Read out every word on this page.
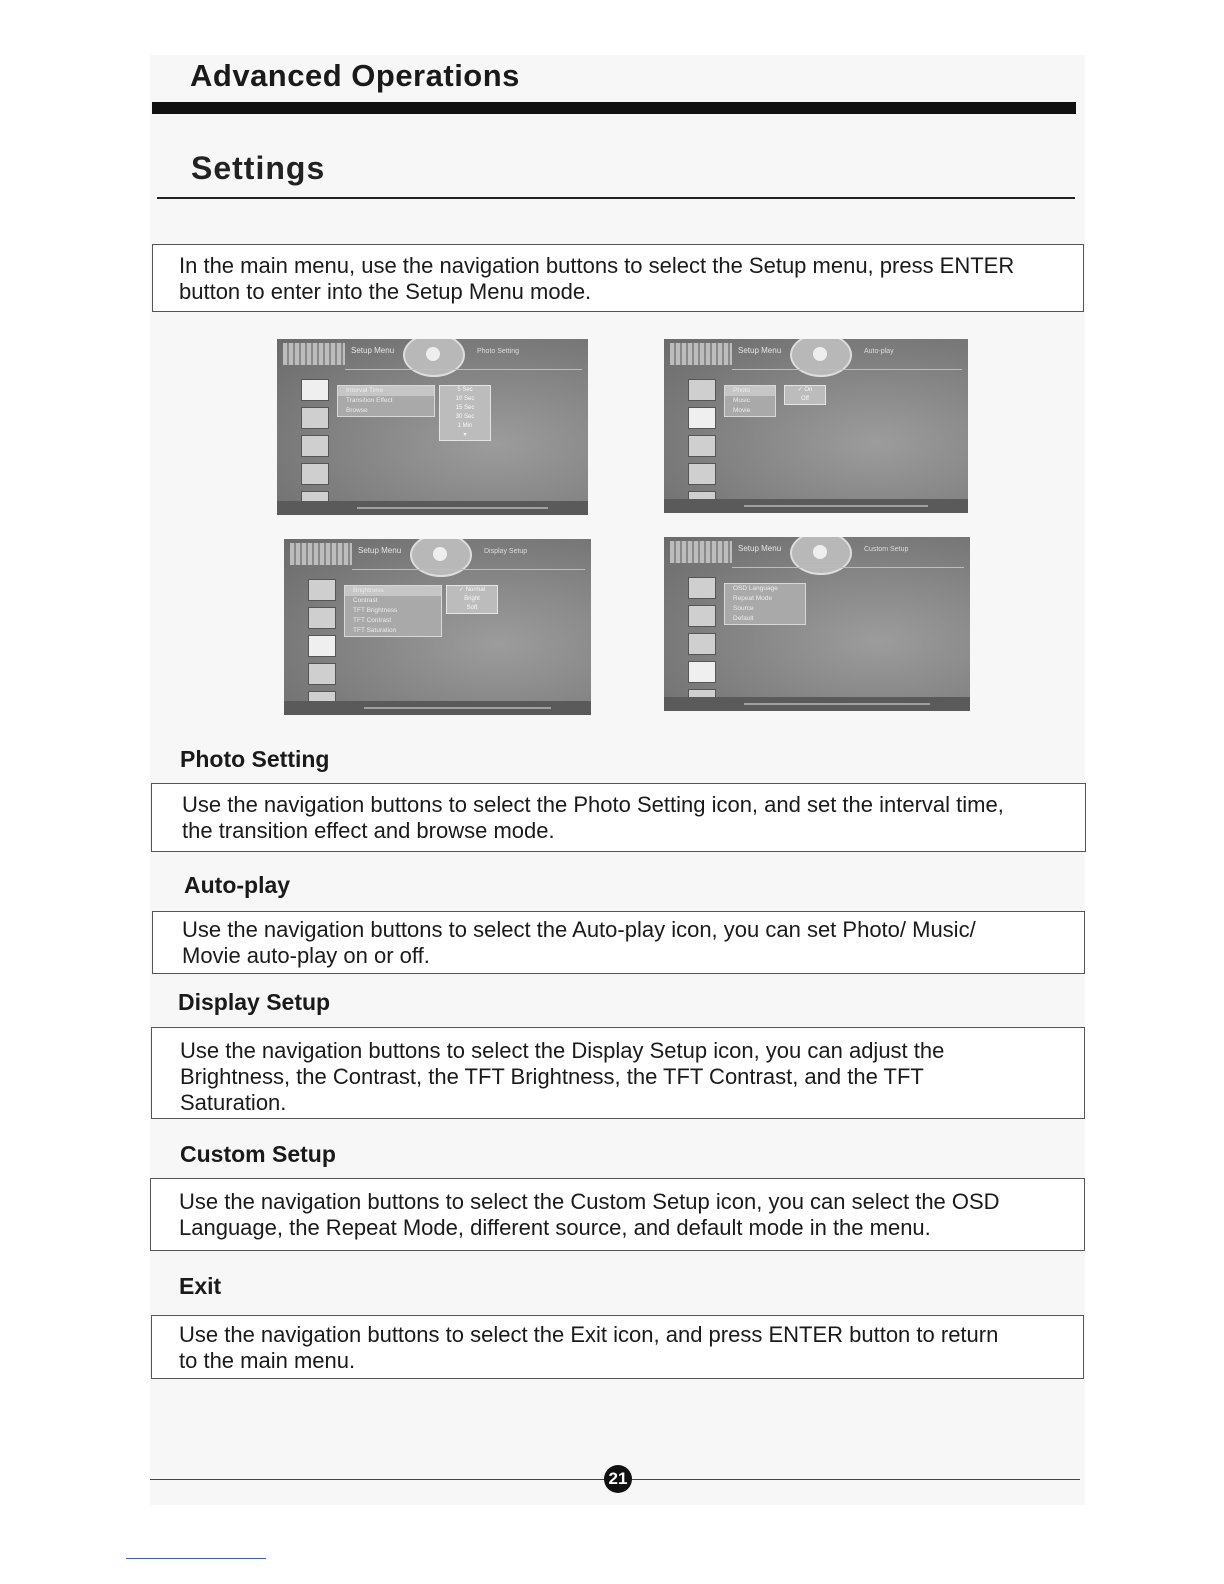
Advanced Operations
Settings

In the main menu, use the navigation buttons to select the Setup menu, press ENTER

button to enter into the Setup Menu mode.

Setup Menu	Photo Setting
Interval Time
Transition Effect
Browse
5 Sec
10 Sec
15 Sec
30 Sec
1 Min
▾
Setup Menu	Auto-play
Photo
Music
Movie
✓ On
Off
Setup Menu	Display Setup
Brightness
Contrast
TFT Brightness
TFT Contrast
TFT Saturation
✓ Normal
Bright
Soft
Setup Menu	Custom Setup
OSD Language
Repeat Mode
Source
Default
Photo Setting

Use the navigation buttons to select the Photo Setting icon, and set the interval time,

the transition effect and browse mode.

Auto-play

Use the navigation buttons to select the Auto-play icon, you can set Photo/ Music/

Movie auto-play on or off.

Display Setup

Use the navigation buttons to select the Display Setup icon, you can adjust the

Brightness, the Contrast, the TFT Brightness, the TFT Contrast, and the TFT

Saturation.

Custom Setup

Use the navigation buttons to select the Custom Setup icon, you can select the OSD

Language, the Repeat Mode, different source, and default mode in the menu.

Exit

Use the navigation buttons to select the Exit icon, and press ENTER button to return

to the main menu.

21
